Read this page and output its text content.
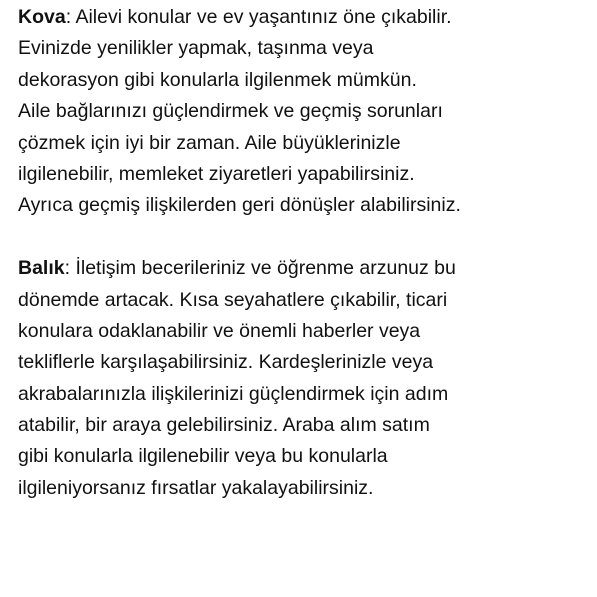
Kova: Ailevi konular ve ev yaşantınız öne çıkabilir.
Evinizde yenilikler yapmak, taşınma veya
dekorasyon gibi konularla ilgilenmek mümkün.
Aile bağlarınızı güçlendirmek ve geçmiş sorunları
çözmek için iyi bir zaman. Aile büyüklerinizle
ilgilenebilir, memleket ziyaretleri yapabilirsiniz.
Ayrıca geçmiş ilişkilerden geri dönüşler alabilirsiniz.
Balık: İletişim becerileriniz ve öğrenme arzunuz bu
dönemde artacak. Kısa seyahatlere çıkabilir, ticari
konulara odaklanabilir ve önemli haberler veya
tekliflerle karşılaşabilirsiniz. Kardeşlerinizle veya
akrabalarınızla ilişkilerinizi güçlendirmek için adım
atabilir, bir araya gelebilirsiniz. Araba alım satım
gibi konularla ilgilenebilir veya bu konularla
ilgileniyorsanız fırsatlar yakalayabilirsiniz.
